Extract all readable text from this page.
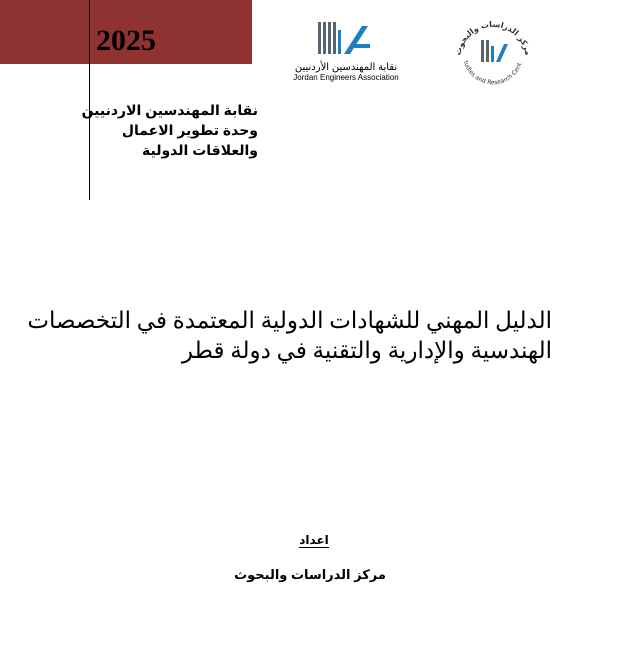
2025
نقابة المهندسين الأردنيين
Jordan Engineers Association
مركز الدراسات والبحوث
tudies and Research Cent
نقابة المهندسين الاردنيين
وحدة تطوير الاعمال
والعلاقات الدولية
الدليل المهني للشهادات الدولية المعتمدة في التخصصات
الهندسية والإدارية والتقنية في دولة قطر
اعداد
مركز الدراسات والبحوث
